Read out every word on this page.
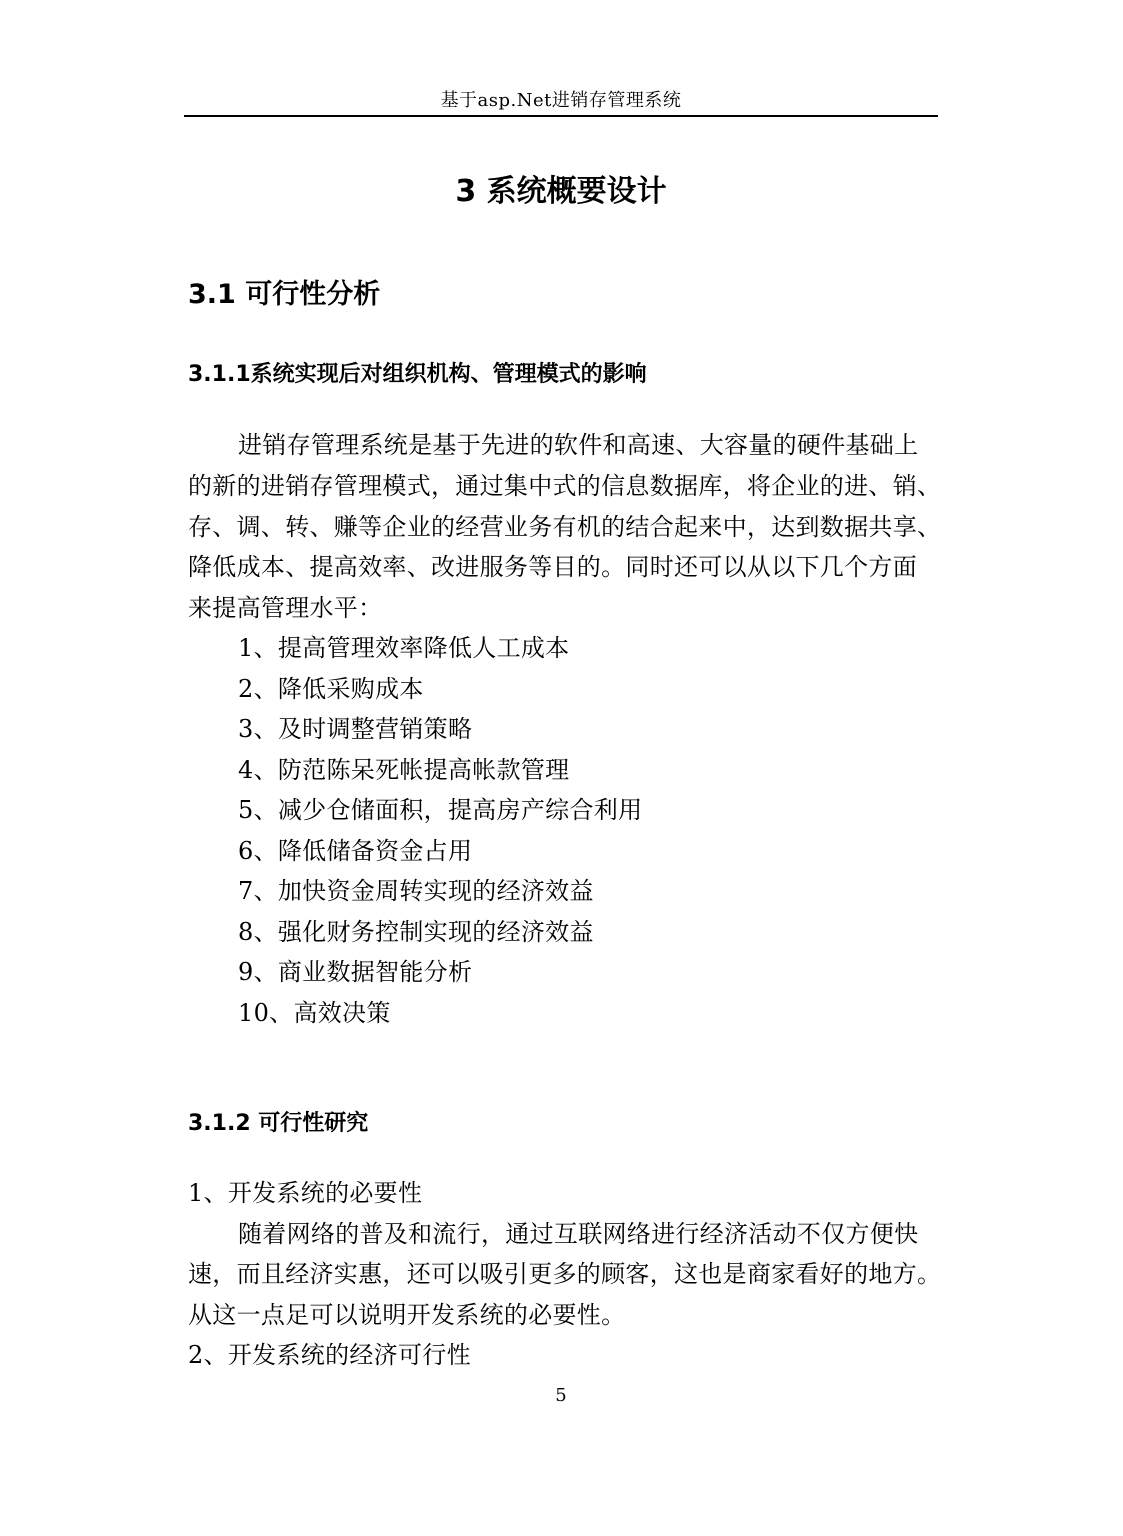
基于asp.Net进销存管理系统
3 系统概要设计
3.1 可行性分析
3.1.1系统实现后对组织机构、管理模式的影响
进销存管理系统是基于先进的软件和高速、大容量的硬件基础上
的新的进销存管理模式，通过集中式的信息数据库，将企业的进、销、
存、调、转、赚等企业的经营业务有机的结合起来中，达到数据共享、
降低成本、提高效率、改进服务等目的。同时还可以从以下几个方面
来提高管理水平：
1、提高管理效率降低人工成本
2、降低采购成本
3、及时调整营销策略
4、防范陈呆死帐提高帐款管理
5、减少仓储面积，提高房产综合利用
6、降低储备资金占用
7、加快资金周转实现的经济效益
8、强化财务控制实现的经济效益
9、商业数据智能分析
10、高效决策
3.1.2 可行性研究
1、开发系统的必要性
随着网络的普及和流行，通过互联网络进行经济活动不仅方便快
速，而且经济实惠，还可以吸引更多的顾客，这也是商家看好的地方。
从这一点足可以说明开发系统的必要性。
2、开发系统的经济可行性
5
